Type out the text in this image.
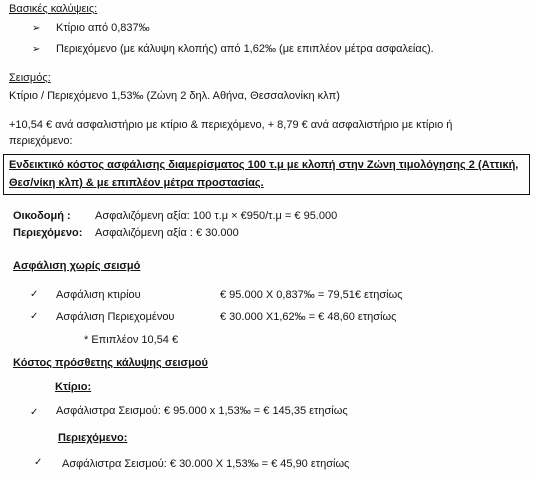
Βασικές καλύψεις:
➢ Κτίριο από 0,837‰
➢ Περιεχόμενο (με κάλυψη κλοπής) από 1,62‰ (με επιπλέον μέτρα ασφαλείας).
Σεισμός:
Κτίριο / Περιεχόμενο 1,53‰ (Ζώνη 2 δηλ. Αθήνα, Θεσσαλονίκη κλπ)
+10,54 € ανά ασφαλιστήριο με κτίριο & περιεχόμενο, + 8,79 € ανά ασφαλιστήριο με κτίριο ή
περιεχόμενο:
Ενδεικτικό κόστος ασφάλισης διαμερίσματος 100 τ.μ με κλοπή στην Ζώνη τιμολόγησης 2 (Αττική,
Θεσ/νίκη κλπ) & με επιπλέον μέτρα προστασίας.
Οικοδομή : Ασφαλιζόμενη αξία: 100 τ.μ × €950/τ.μ = € 95.000
Περιεχόμενο: Ασφαλιζόμενη αξία : € 30.000
Ασφάλιση χωρίς σεισμό
✓ Ασφάλιση κτιρίου	€ 95.000 Χ 0,837‰ = 79,51€ ετησίως
✓ Ασφάλιση Περιεχομένου	€ 30.000 Χ1,62‰ = € 48,60 ετησίως
* Επιπλέον 10,54 €
Κόστος πρόσθετης κάλυψης σεισμού
Κτίριο:
✓ Ασφάλιστρα Σεισμού: € 95.000 x 1,53‰ = € 145,35 ετησίως
Περιεχόμενο:
✓ Ασφάλιστρα Σεισμού: € 30.000 Χ 1,53‰ = € 45,90 ετησίως
